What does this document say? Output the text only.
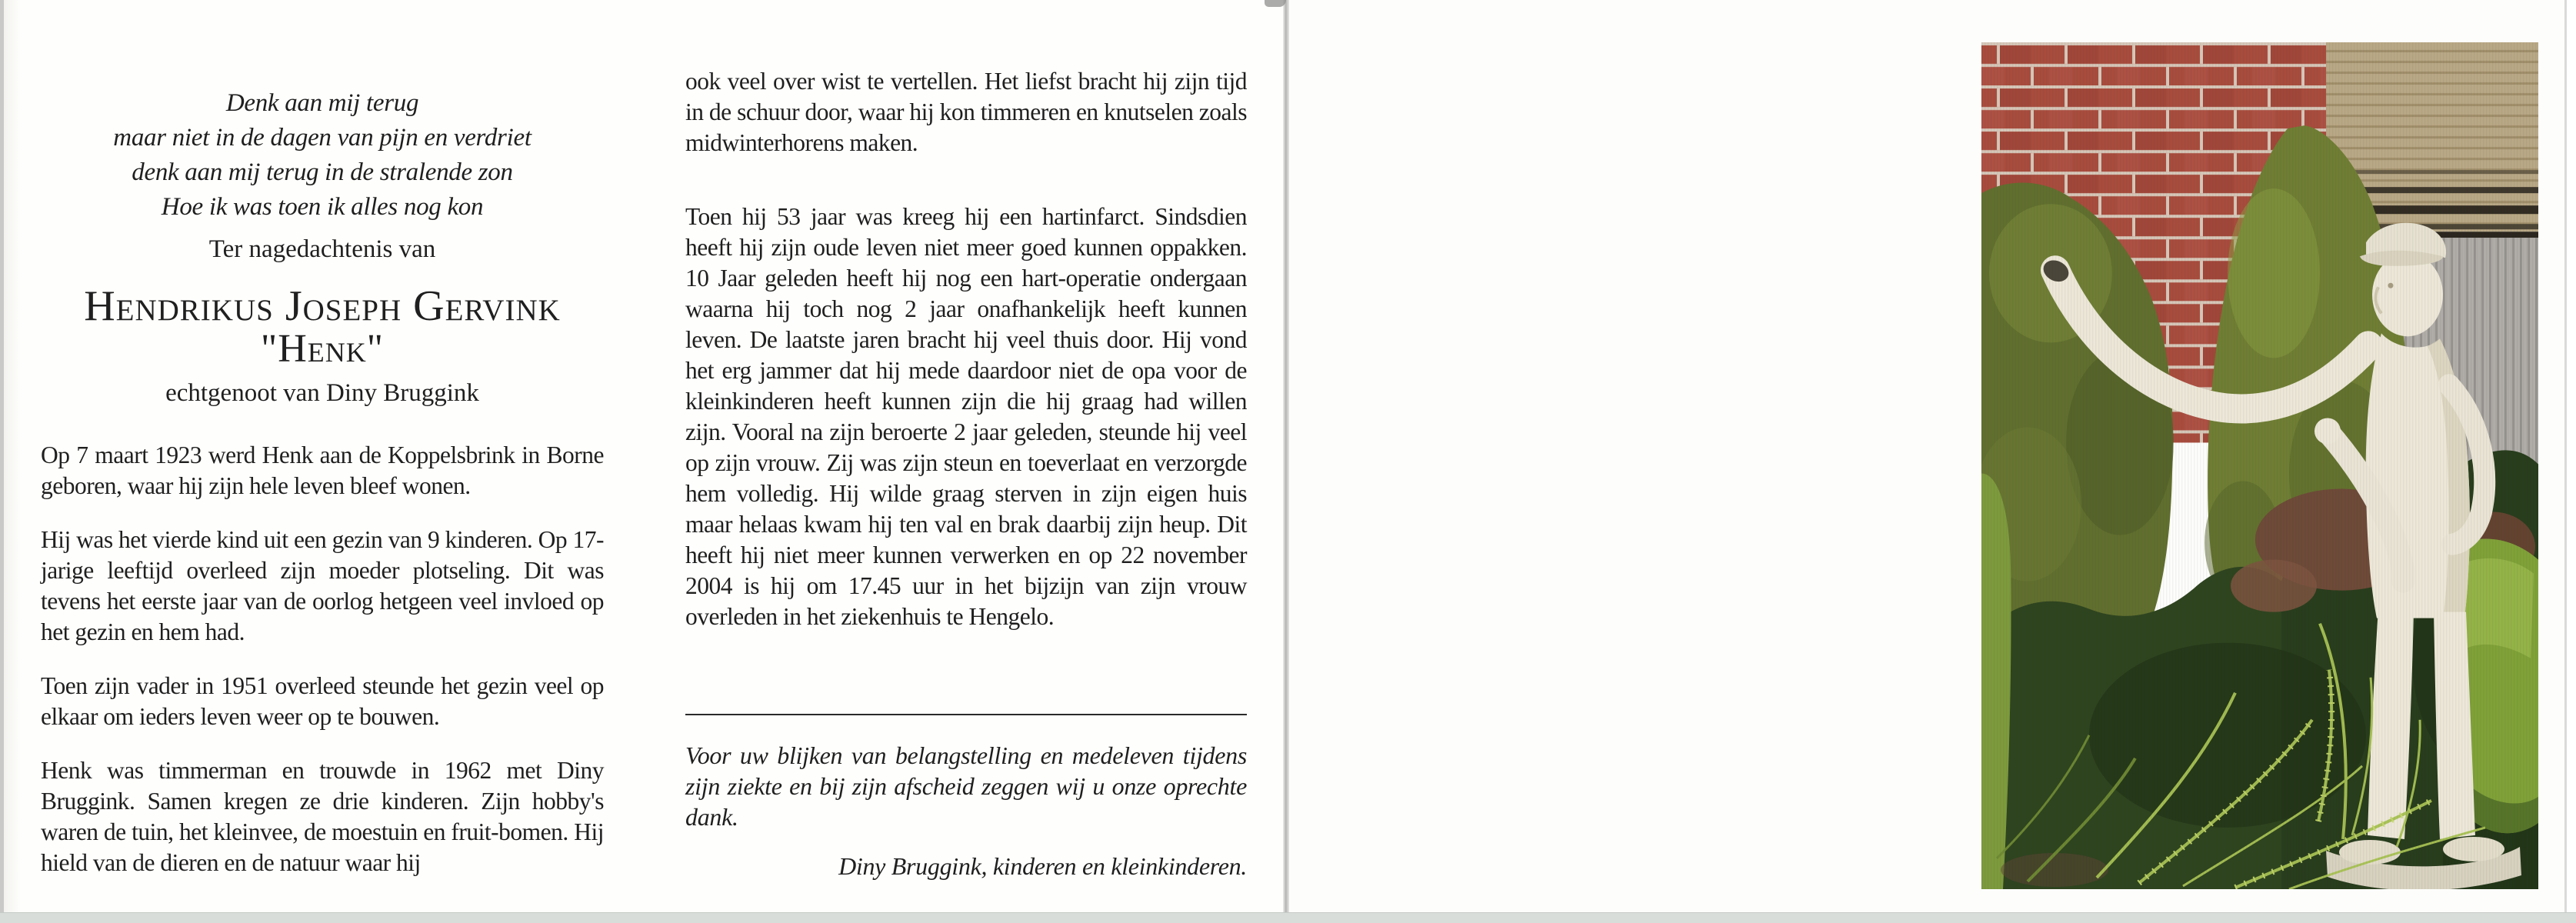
Denk aan mij terug
maar niet in de dagen van pijn en verdriet
denk aan mij terug in de stralende zon
Hoe ik was toen ik alles nog kon
Ter nagedachtenis van
Hendrikus Joseph Gervink
"Henk"
echtgenoot van Diny Bruggink

Op 7 maart 1923 werd Henk aan de Koppelsbrink in Borne geboren, waar hij zijn hele leven bleef wonen.

Hij was het vierde kind uit een gezin van 9 kinderen. Op 17-jarige leeftijd overleed zijn moeder plotseling. Dit was tevens het eerste jaar van de oorlog hetgeen veel invloed op het gezin en hem had.

Toen zijn vader in 1951 overleed steunde het gezin veel op elkaar om ieders leven weer op te bouwen.

Henk was timmerman en trouwde in 1962 met Diny Bruggink. Samen kregen ze drie kinderen. Zijn hobby's waren de tuin, het kleinvee, de moestuin en fruit-bomen. Hij hield van de dieren en de natuur waar hij

ook veel over wist te vertellen. Het liefst bracht hij zijn tijd in de schuur door, waar hij kon timmeren en knutselen zoals midwinterhorens maken.

Toen hij 53 jaar was kreeg hij een hartinfarct. Sindsdien heeft hij zijn oude leven niet meer goed kunnen oppakken. 10 Jaar geleden heeft hij nog een hart-operatie ondergaan waarna hij toch nog 2 jaar onafhankelijk heeft kunnen leven. De laatste jaren bracht hij veel thuis door. Hij vond het erg jammer dat hij mede daardoor niet de opa voor de kleinkinderen heeft kunnen zijn die hij graag had willen zijn. Vooral na zijn beroerte 2 jaar geleden, steunde hij veel op zijn vrouw. Zij was zijn steun en toeverlaat en verzorgde hem volledig. Hij wilde graag sterven in zijn eigen huis maar helaas kwam hij ten val en brak daarbij zijn heup. Dit heeft hij niet meer kunnen verwerken en op 22 november 2004 is hij om 17.45 uur in het bijzijn van zijn vrouw overleden in het ziekenhuis te Hengelo.

Voor uw blijken van belangstelling en medeleven tijdens zijn ziekte en bij zijn afscheid zeggen wij u onze oprechte dank.

Diny Bruggink, kinderen en kleinkinderen.
